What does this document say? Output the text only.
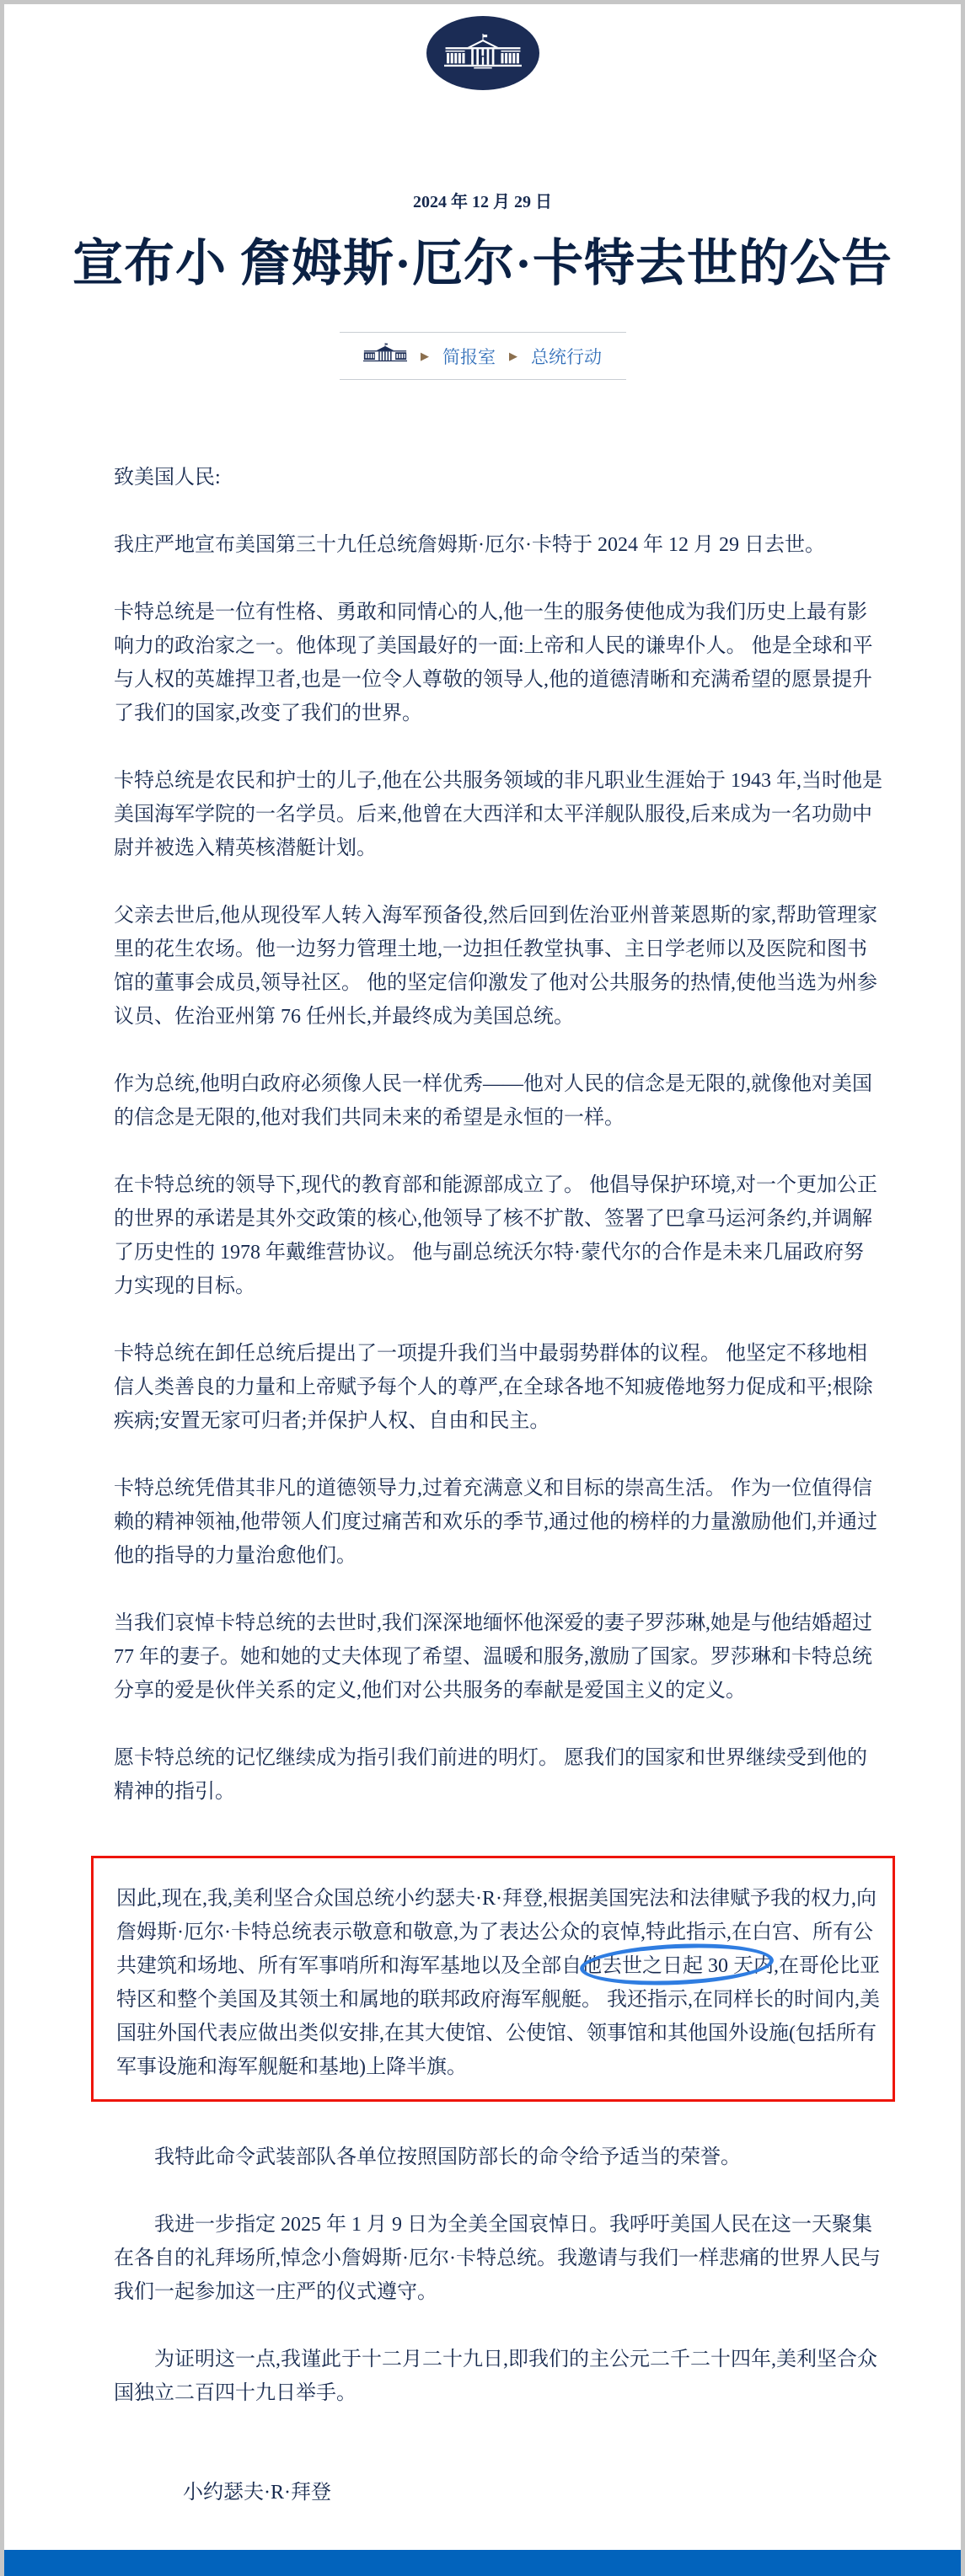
2024 年 12 月 29 日
宣布小 詹姆斯·厄尔·卡特去世的公告
▶ 简报室 ▶ 总统行动

致美国人民:

我庄严地宣布美国第三十九任总统詹姆斯·厄尔·卡特于 2024 年 12 月 29 日去世。

卡特总统是一位有性格、勇敢和同情心的人,他一生的服务使他成为我们历史上最有影响力的政治家之一。他体现了美国最好的一面:上帝和人民的谦卑仆人。 他是全球和平与人权的英雄捍卫者,也是一位令人尊敬的领导人,他的道德清晰和充满希望的愿景提升了我们的国家,改变了我们的世界。

卡特总统是农民和护士的儿子,他在公共服务领域的非凡职业生涯始于 1943 年,当时他是美国海军学院的一名学员。后来,他曾在大西洋和太平洋舰队服役,后来成为一名功勋中尉并被选入精英核潜艇计划。

父亲去世后,他从现役军人转入海军预备役,然后回到佐治亚州普莱恩斯的家,帮助管理家里的花生农场。他一边努力管理土地,一边担任教堂执事、主日学老师以及医院和图书馆的董事会成员,领导社区。 他的坚定信仰激发了他对公共服务的热情,使他当选为州参议员、佐治亚州第 76 任州长,并最终成为美国总统。

作为总统,他明白政府必须像人民一样优秀——他对人民的信念是无限的,就像他对美国的信念是无限的,他对我们共同未来的希望是永恒的一样。

在卡特总统的领导下,现代的教育部和能源部成立了。 他倡导保护环境,对一个更加公正的世界的承诺是其外交政策的核心,他领导了核不扩散、签署了巴拿马运河条约,并调解了历史性的 1978 年戴维营协议。 他与副总统沃尔特·蒙代尔的合作是未来几届政府努力实现的目标。

卡特总统在卸任总统后提出了一项提升我们当中最弱势群体的议程。 他坚定不移地相信人类善良的力量和上帝赋予每个人的尊严,在全球各地不知疲倦地努力促成和平;根除疾病;安置无家可归者;并保护人权、自由和民主。

卡特总统凭借其非凡的道德领导力,过着充满意义和目标的崇高生活。 作为一位值得信赖的精神领袖,他带领人们度过痛苦和欢乐的季节,通过他的榜样的力量激励他们,并通过他的指导的力量治愈他们。

当我们哀悼卡特总统的去世时,我们深深地缅怀他深爱的妻子罗莎琳,她是与他结婚超过 77 年的妻子。她和她的丈夫体现了希望、温暖和服务,激励了国家。罗莎琳和卡特总统分享的爱是伙伴关系的定义,他们对公共服务的奉献是爱国主义的定义。

愿卡特总统的记忆继续成为指引我们前进的明灯。 愿我们的国家和世界继续受到他的精神的指引。

因此,现在,我,美利坚合众国总统小约瑟夫·R·拜登,根据美国宪法和法律赋予我的权力,向詹姆斯·厄尔·卡特总统表示敬意和敬意,为了表达公众的哀悼,特此指示,在白宫、所有公共建筑和场地、所有军事哨所和海军基地以及全部自他去世之日起 30 天
内,在哥伦比亚特区和整个美国及其领土和属地的联邦政府海军舰艇。 我还指示,在同样长的时间内,美国驻外国代表应做出类似安排,在其大使馆、公使馆、领事馆和其他国外设施(包括所有军事设施和海军舰艇和基地)上降半旗。

我特此命令武装部队各单位按照国防部长的命令给予适当的荣誉。

我进一步指定 2025 年 1 月 9 日为全美全国哀悼日。我呼吁美国人民在这一天聚集在各自的礼拜场所,悼念小詹姆斯·厄尔·卡特总统。我邀请与我们一样悲痛的世界人民与我们一起参加这一庄严的仪式遵守。

为证明这一点,我谨此于十二月二十九日,即我们的主公元二千二十四年,美利坚合众国独立二百四十九日举手。

小约瑟夫·R·拜登
